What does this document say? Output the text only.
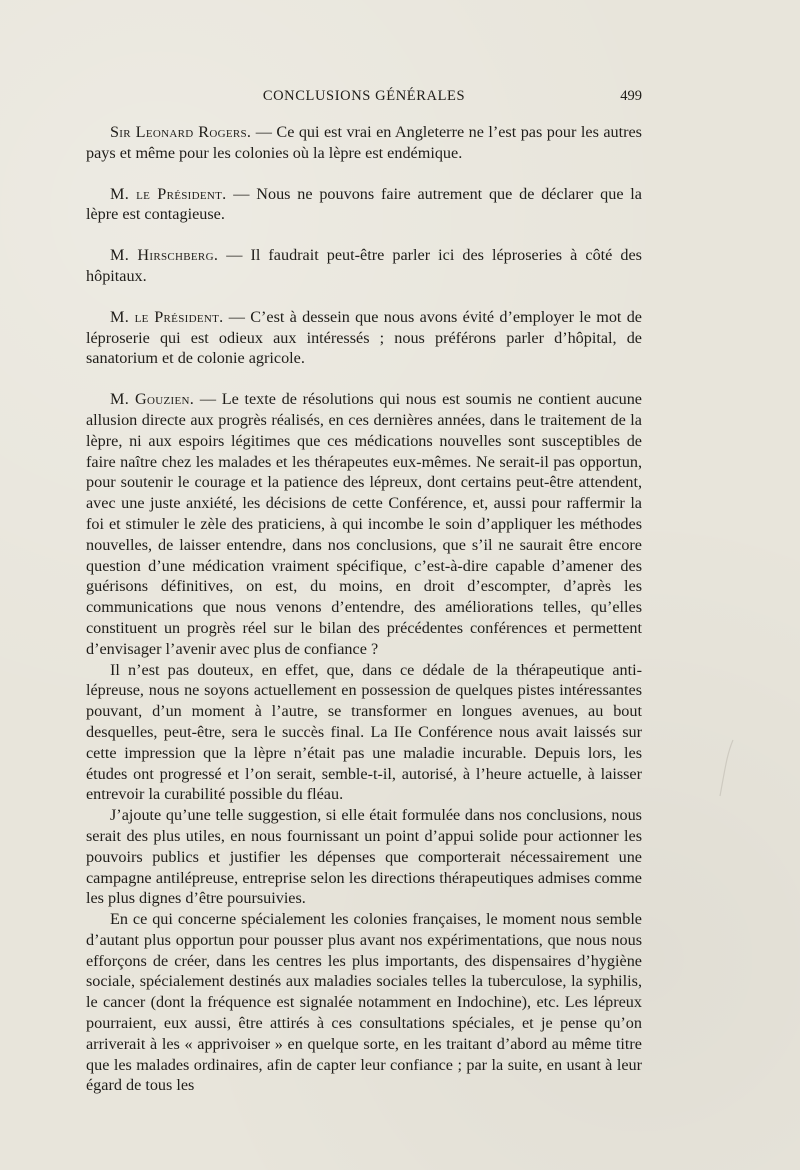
CONCLUSIONS GÉNÉRALES	499

Sir Leonard Rogers. — Ce qui est vrai en Angleterre ne l’est pas pour les autres pays et même pour les colonies où la lèpre est endémique.

M. le Président. — Nous ne pouvons faire autrement que de déclarer que la lèpre est contagieuse.

M. Hirschberg. — Il faudrait peut-être parler ici des léproseries à côté des hôpitaux.

M. le Président. — C’est à dessein que nous avons évité d’employer le mot de léproserie qui est odieux aux intéressés ; nous préférons parler d’hôpital, de sanatorium et de colonie agricole.

M. Gouzien. — Le texte de résolutions qui nous est soumis ne contient aucune allusion directe aux progrès réalisés, en ces dernières années, dans le traitement de la lèpre, ni aux espoirs légitimes que ces médications nouvelles sont susceptibles de faire naître chez les malades et les thérapeutes eux-mêmes. Ne serait-il pas opportun, pour soutenir le courage et la patience des lépreux, dont certains peut-être attendent, avec une juste anxiété, les décisions de cette Conférence, et, aussi pour raffermir la foi et stimuler le zèle des praticiens, à qui incombe le soin d’appliquer les méthodes nouvelles, de laisser entendre, dans nos conclusions, que s’il ne saurait être encore question d’une médication vraiment spécifique, c’est-à-dire capable d’amener des guérisons définitives, on est, du moins, en droit d’escompter, d’après les communications que nous venons d’entendre, des améliorations telles, qu’elles constituent un progrès réel sur le bilan des précédentes conférences et permettent d’envisager l’avenir avec plus de confiance ?

Il n’est pas douteux, en effet, que, dans ce dédale de la thérapeutique anti-lépreuse, nous ne soyons actuellement en possession de quelques pistes intéressantes pouvant, d’un moment à l’autre, se transformer en longues avenues, au bout desquelles, peut-être, sera le succès final. La IIe Conférence nous avait laissés sur cette impression que la lèpre n’était pas une maladie incurable. Depuis lors, les études ont progressé et l’on serait, semble-t-il, autorisé, à l’heure actuelle, à laisser entrevoir la curabilité possible du fléau.

J’ajoute qu’une telle suggestion, si elle était formulée dans nos conclusions, nous serait des plus utiles, en nous fournissant un point d’appui solide pour actionner les pouvoirs publics et justifier les dépenses que comporterait nécessairement une campagne antilépreuse, entreprise selon les directions thérapeutiques admises comme les plus dignes d’être poursuivies.

En ce qui concerne spécialement les colonies françaises, le moment nous semble d’autant plus opportun pour pousser plus avant nos expérimentations, que nous nous efforçons de créer, dans les centres les plus importants, des dispensaires d’hygiène sociale, spécialement destinés aux maladies sociales telles la tuberculose, la syphilis, le cancer (dont la fréquence est signalée notamment en Indochine), etc. Les lépreux pourraient, eux aussi, être attirés à ces consultations spéciales, et je pense qu’on arriverait à les « apprivoiser » en quelque sorte, en les traitant d’abord au même titre que les malades ordinaires, afin de capter leur confiance ; par la suite, en usant à leur égard de tous les
